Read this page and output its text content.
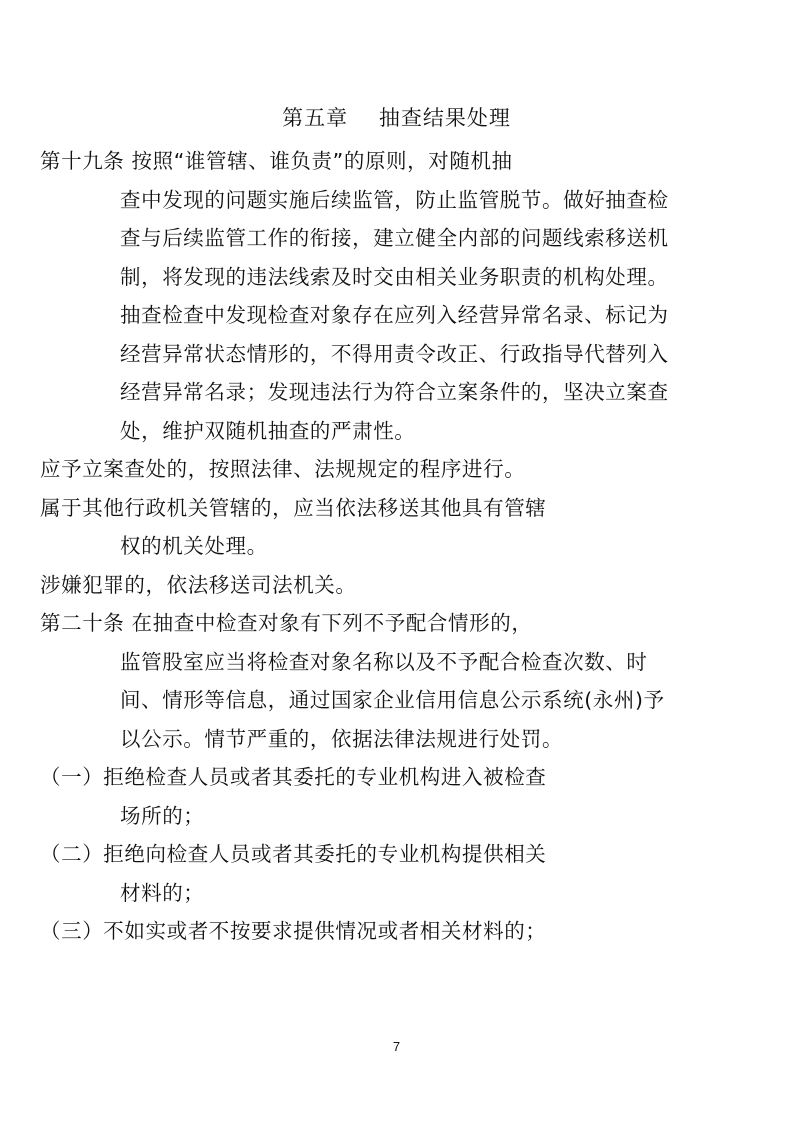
第五章    抽查结果处理
第十九条 按照“谁管辖、谁负责”的原则，对随机抽
查中发现的问题实施后续监管，防止监管脱节。做好抽查检
查与后续监管工作的衔接，建立健全内部的问题线索移送机
制，将发现的违法线索及时交由相关业务职责的机构处理。
抽查检查中发现检查对象存在应列入经营异常名录、标记为
经营异常状态情形的，不得用责令改正、行政指导代替列入
经营异常名录；发现违法行为符合立案条件的，坚决立案查
处，维护双随机抽查的严肃性。
应予立案查处的，按照法律、法规规定的程序进行。
属于其他行政机关管辖的，应当依法移送其他具有管辖
权的机关处理。
涉嫌犯罪的，依法移送司法机关。
第二十条 在抽查中检查对象有下列不予配合情形的，
监管股室应当将检查对象名称以及不予配合检查次数、时
间、情形等信息，通过国家企业信用信息公示系统(永州)予
以公示。情节严重的，依据法律法规进行处罚。
（一）拒绝检查人员或者其委托的专业机构进入被检查
场所的；
（二）拒绝向检查人员或者其委托的专业机构提供相关
材料的；
（三）不如实或者不按要求提供情况或者相关材料的；
7
